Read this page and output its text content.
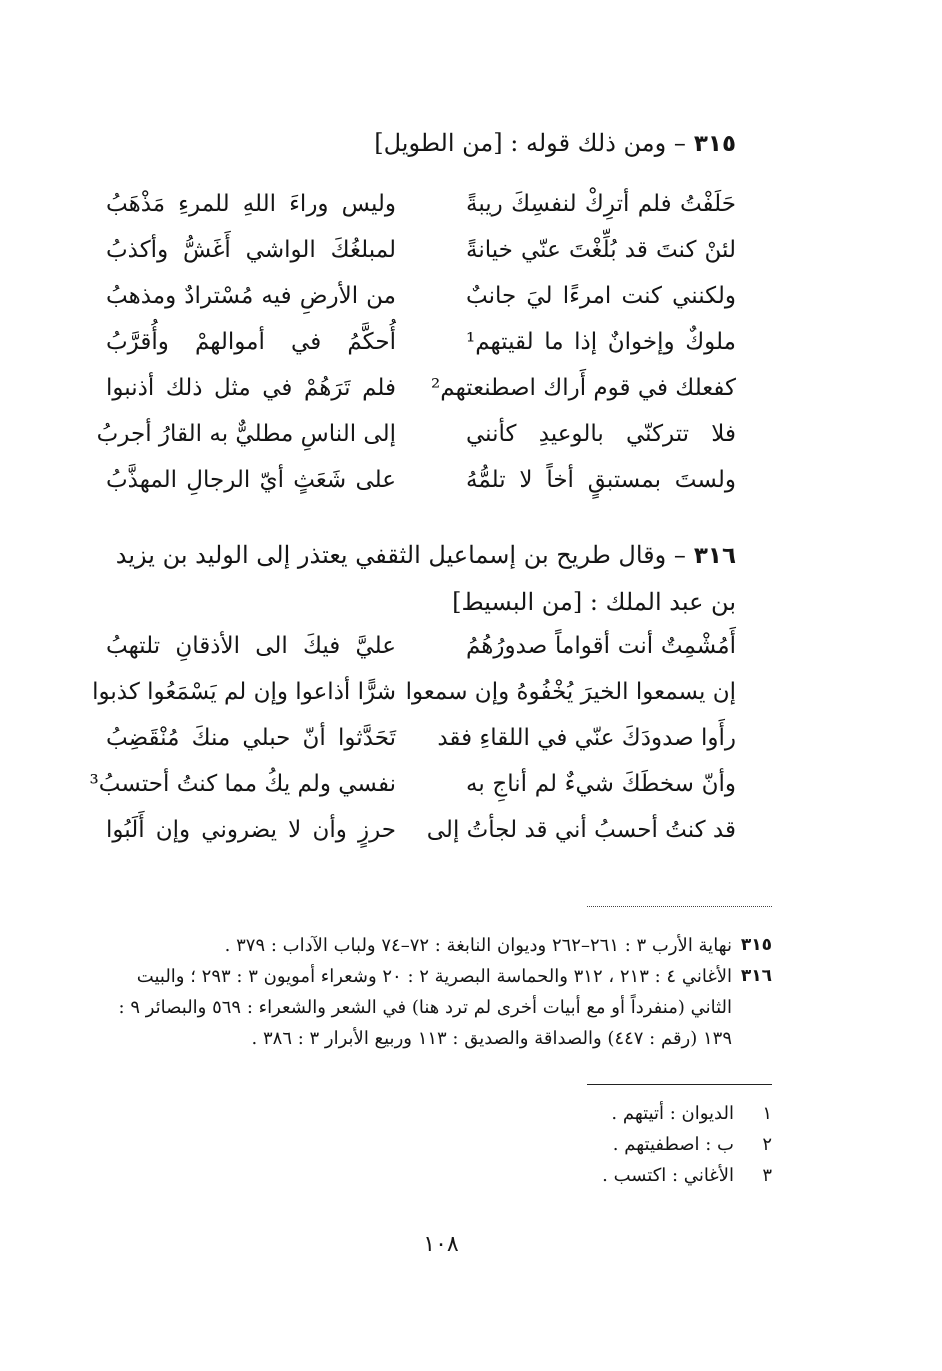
٣١٥– ومن ذلك قوله : [من الطويل]
حَلَفْتُ فلم أترِكْ لنفسِكَ ريبةً
وليس وراءَ اللهِ للمرءِ مَذْهَبُ
لئنْ كنتَ قد بُلِّغْتَ عنّي خيانةً
لمبلغُكَ الواشي أَغَشُّ وأكذبُ
ولكنني كنت امرءًا ليَ جانبٌ
من الأرضِ فيه مُسْترادٌ ومذهبُ
ملوكٌ وإخوانٌ إذا ما لقيتهم¹
أُحكَّمُ في أموالهمْ وأُقرَّبُ
كفعلك في قوم أَراك اصطنعتهم²
فلم تَرَهُمْ في مثل ذلك أذنبوا
فلا تتركنّي بالوعيدِ كأنني
إلى الناسِ مطليٌّ به القارُ أجربُ
ولستَ بمستبقٍ أخاً لا تلمُّهُ
على شَعَثٍ أيّ الرجالِ المهذَّبُ
٣١٦– وقال طريح بن إسماعيل الثقفي يعتذر إلى الوليد بن يزيد بن عبد الملك : [من البسيط]
أَمُشْمِتٌ أنت أقواماً صدورُهُمُ
عليَّ فيكَ الى الأذقانِ تلتهبُ
إن يسمعوا الخيرَ يُخْفُوهُ وإن سمعوا
شرًّا أذاعوا وإن لم يَسْمَعُوا كذبوا
رأَوا صدودَكَ عنّي في اللقاءِ فقد
تَحَدَّثوا أنّ حبلي منكَ مُنْقَضِبُ
وأنّ سخطَكَ شيءٌ لم أناجِ به
نفسي ولم يكُ مما كنتُ أحتسبُ³
قد كنتُ أحسبُ أني قد لجأتُ إلى
حرزٍ وأن لا يضروني وإن أَلَبُوا
٣١٥
نهاية الأرب ٣ : ٢٦١–٢٦٢ وديوان النابغة : ٧٢–٧٤ ولباب الآداب : ٣٧٩ .
٣١٦
الأغاني ٤ : ٢١٣ ، ٣١٢ والحماسة البصرية ٢ : ٢٠ وشعراء أمويون ٣ : ٢٩٣ ؛ والبيت الثاني (منفرداً أو مع أبيات أخرى لم ترد هنا) في الشعر والشعراء : ٥٦٩ والبصائر ٩ : ١٣٩ (رقم : ٤٤٧) والصداقة والصديق : ١١٣ وربيع الأبرار ٣ : ٣٨٦ .
١
الديوان : أتيتهم .
٢
ب : اصطفيتهم .
٣
الأغاني : اكتسب .
١٠٨
